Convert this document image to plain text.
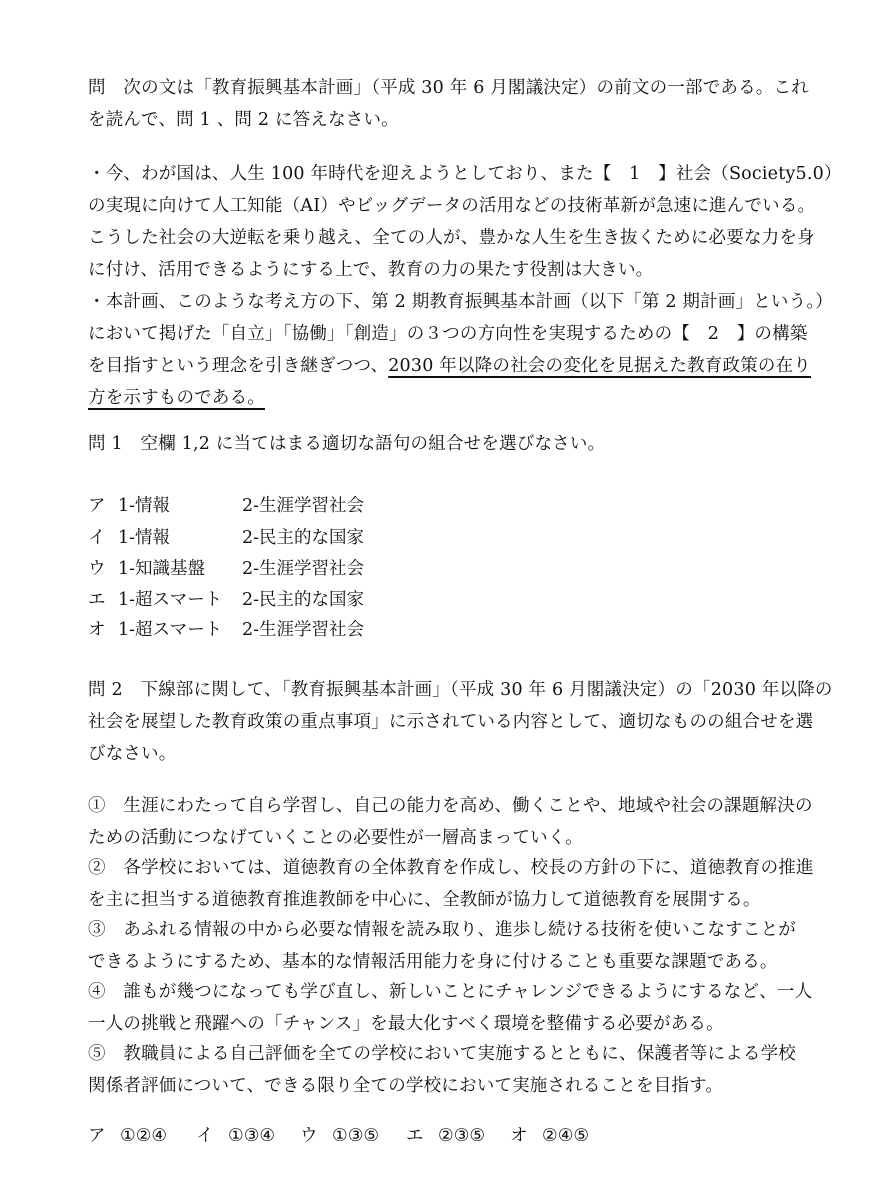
問　次の文は「教育振興基本計画」（平成 30 年 6 月閣議決定）の前文の一部である。これ
を読んで、問 1 、問 2 に答えなさい。
・今、わが国は、人生 100 年時代を迎えようとしており、また【　1　】社会（Society5.0）
の実現に向けて人工知能（AI）やビッグデータの活用などの技術革新が急速に進んでいる。
こうした社会の大逆転を乗り越え、全ての人が、豊かな人生を生き抜くために必要な力を身
に付け、活用できるようにする上で、教育の力の果たす役割は大きい。
・本計画、このような考え方の下、第 2 期教育振興基本計画（以下「第 2 期計画」という。）
において掲げた「自立」「協働」「創造」の３つの方向性を実現するための【　2　】の構築
を目指すという理念を引き継ぎつつ、2030 年以降の社会の変化を見据えた教育政策の在り
方を示すものである。
問 1　空欄 1,2 に当てはまる適切な語句の組合せを選びなさい。
ア 1-情報	2-生涯学習社会
イ 1-情報	2-民主的な国家
ウ 1-知識基盤 2-生涯学習社会
エ 1-超スマート 2-民主的な国家
オ 1-超スマート 2-生涯学習社会
問 2　下線部に関して、「教育振興基本計画」（平成 30 年 6 月閣議決定）の「2030 年以降の
社会を展望した教育政策の重点事項」に示されている内容として、適切なものの組合せを選
びなさい。
①　生涯にわたって自ら学習し、自己の能力を高め、働くことや、地域や社会の課題解決の
ための活動につなげていくことの必要性が一層高まっていく。
②　各学校においては、道徳教育の全体教育を作成し、校長の方針の下に、道徳教育の推進
を主に担当する道徳教育推進教師を中心に、全教師が協力して道徳教育を展開する。
③　あふれる情報の中から必要な情報を読み取り、進歩し続ける技術を使いこなすことが
できるようにするため、基本的な情報活用能力を身に付けることも重要な課題である。
④　誰もが幾つになっても学び直し、新しいことにチャレンジできるようにするなど、一人
一人の挑戦と飛躍への「チャンス」を最大化すべく環境を整備する必要がある。
⑤　教職員による自己評価を全ての学校において実施するとともに、保護者等による学校
関係者評価について、できる限り全ての学校において実施されることを目指す。
ア ①②④ イ ①③④ ウ ①③⑤ エ ②③⑤ オ ②④⑤
